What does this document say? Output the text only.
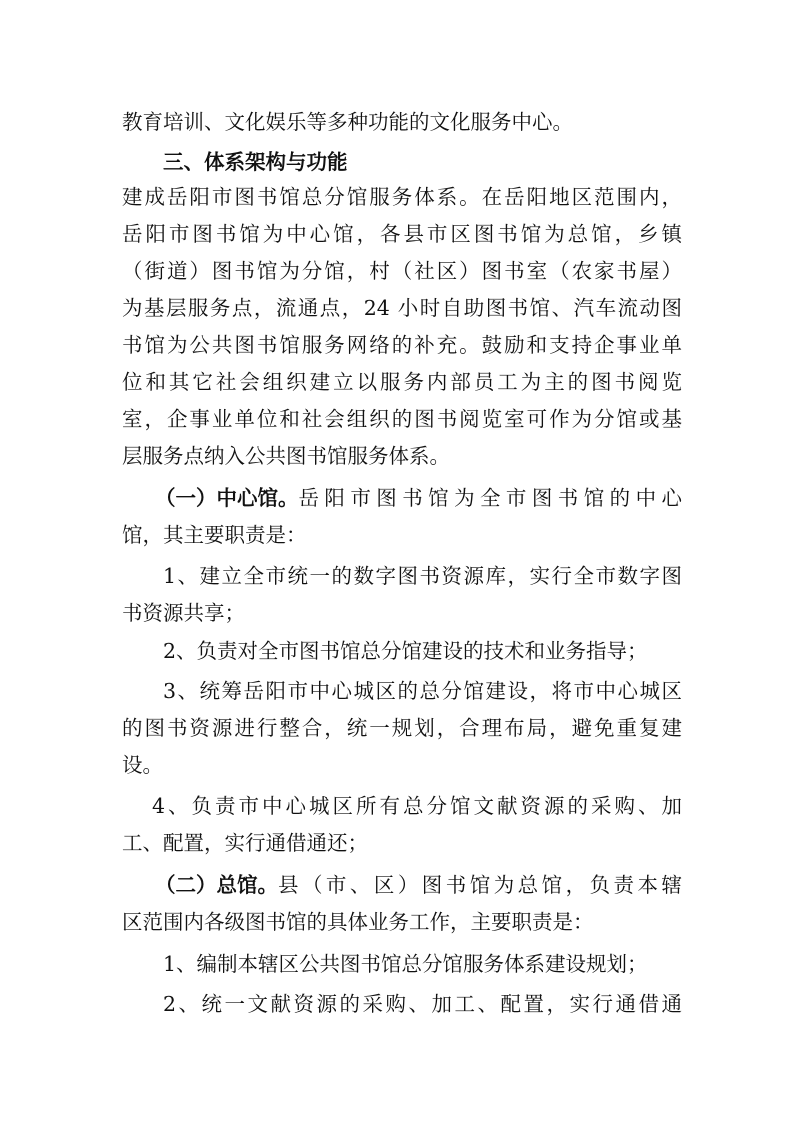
教育培训、文化娱乐等多种功能的文化服务中心。
三、体系架构与功能
建成岳阳市图书馆总分馆服务体系。在岳阳地区范围内，
岳阳市图书馆为中心馆，各县市区图书馆为总馆，乡镇
（街道）图书馆为分馆，村（社区）图书室（农家书屋）
为基层服务点，流通点，24 小时自助图书馆、汽车流动图
书馆为公共图书馆服务网络的补充。鼓励和支持企事业单
位和其它社会组织建立以服务内部员工为主的图书阅览
室，企事业单位和社会组织的图书阅览室可作为分馆或基
层服务点纳入公共图书馆服务体系。
（一）中心馆。 岳阳市图书馆为全市图书馆的中心
馆，其主要职责是：
1、建立全市统一的数字图书资源库，实行全市数字图
书资源共享；
2、负责对全市图书馆总分馆建设的技术和业务指导；
3、统筹岳阳市中心城区的总分馆建设，将市中心城区
的图书资源进行整合，统一规划，合理布局，避免重复建
设。
4、负责市中心城区所有总分馆文献资源的采购、加
工、配置，实行通借通还；
（二）总馆。 县（市、区）图书馆为总馆，负责本辖
区范围内各级图书馆的具体业务工作，主要职责是：
1、编制本辖区公共图书馆总分馆服务体系建设规划；
2、统一文献资源的采购、加工、配置，实行通借通
